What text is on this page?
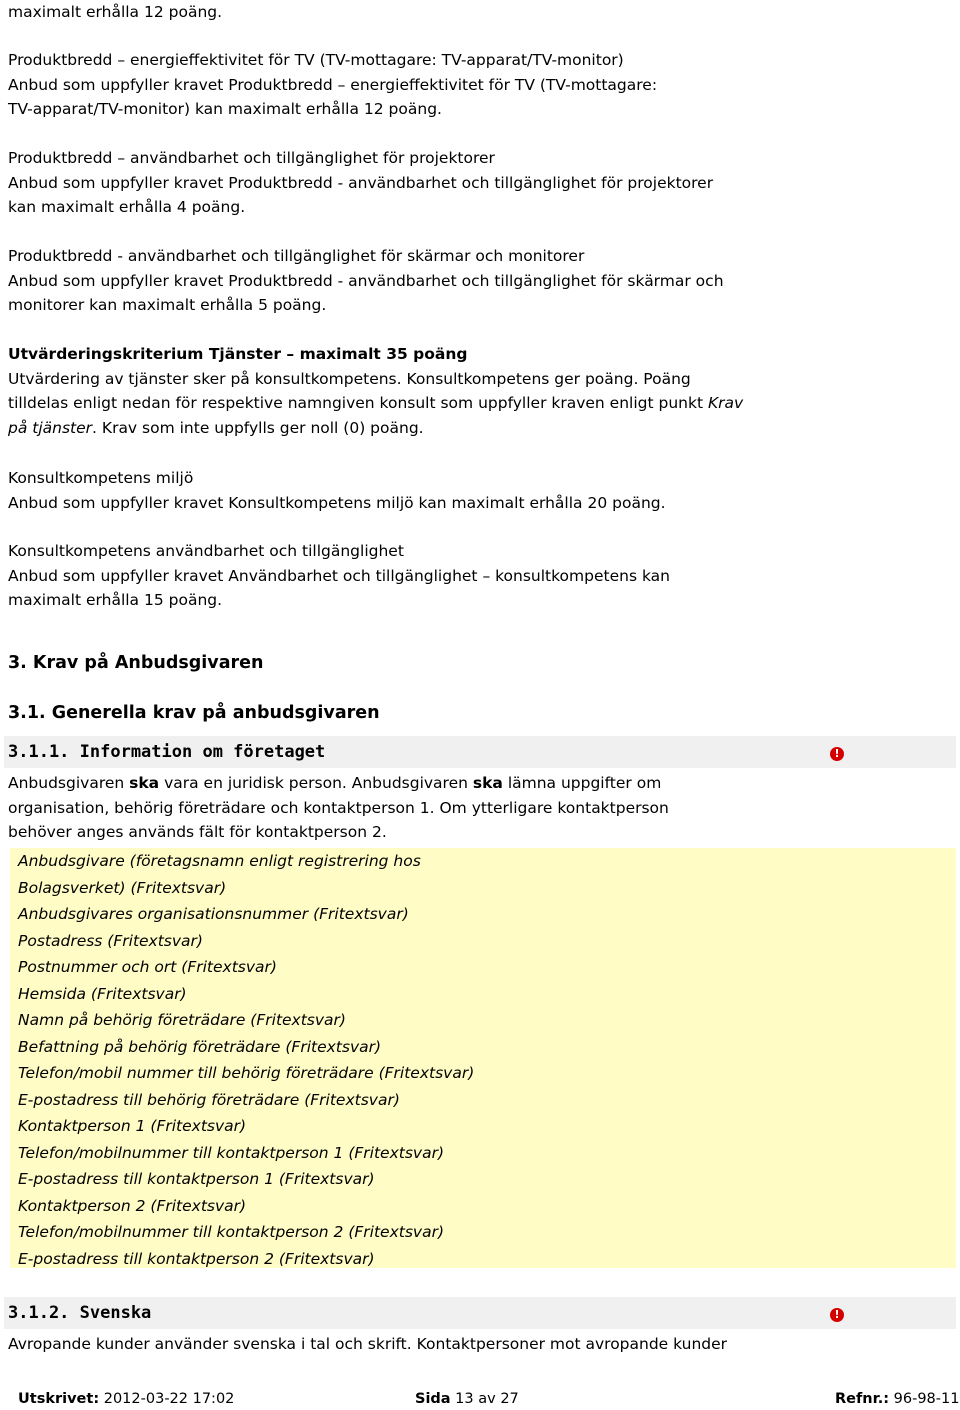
maximalt erhålla 12 poäng.

Produktbredd – energieffektivitet för TV (TV-mottagare: TV-apparat/TV-monitor)

Anbud som uppfyller kravet Produktbredd – energieffektivitet för TV (TV-mottagare:

TV-apparat/TV-monitor) kan maximalt erhålla 12 poäng.

Produktbredd – användbarhet och tillgänglighet för projektorer

Anbud som uppfyller kravet Produktbredd - användbarhet och tillgänglighet för projektorer

kan maximalt erhålla 4 poäng.

Produktbredd - användbarhet och tillgänglighet för skärmar och monitorer

Anbud som uppfyller kravet Produktbredd - användbarhet och tillgänglighet för skärmar och

monitorer kan maximalt erhålla 5 poäng.

Utvärderingskriterium Tjänster – maximalt 35 poäng

Utvärdering av tjänster sker på konsultkompetens. Konsultkompetens ger poäng. Poäng

tilldelas enligt nedan för respektive namngiven konsult som uppfyller kraven enligt punkt Krav

på tjänster. Krav som inte uppfylls ger noll (0) poäng.

Konsultkompetens miljö

Anbud som uppfyller kravet Konsultkompetens miljö kan maximalt erhålla 20 poäng.

Konsultkompetens användbarhet och tillgänglighet

Anbud som uppfyller kravet Användbarhet och tillgänglighet – konsultkompetens kan

maximalt erhålla 15 poäng.

3. Krav på Anbudsgivaren

3.1. Generella krav på anbudsgivaren

3.1.1. Information om företaget	!

Anbudsgivaren ska vara en juridisk person. Anbudsgivaren ska lämna uppgifter om

organisation, behörig företrädare och kontaktperson 1. Om ytterligare kontaktperson

behöver anges används fält för kontaktperson 2.

Anbudsgivare (företagsnamn enligt registrering hos

Bolagsverket) (Fritextsvar)

Anbudsgivares organisationsnummer (Fritextsvar)

Postadress (Fritextsvar)

Postnummer och ort (Fritextsvar)

Hemsida (Fritextsvar)

Namn på behörig företrädare (Fritextsvar)

Befattning på behörig företrädare (Fritextsvar)

Telefon/mobil nummer till behörig företrädare (Fritextsvar)

E-postadress till behörig företrädare (Fritextsvar)

Kontaktperson 1 (Fritextsvar)

Telefon/mobilnummer till kontaktperson 1 (Fritextsvar)

E-postadress till kontaktperson 1 (Fritextsvar)

Kontaktperson 2 (Fritextsvar)

Telefon/mobilnummer till kontaktperson 2 (Fritextsvar)

E-postadress till kontaktperson 2 (Fritextsvar)

3.1.2. Svenska	!

Avropande kunder använder svenska i tal och skrift. Kontaktpersoner mot avropande kunder

Utskrivet: 2012-03-22 17:02	Sida 13 av 27	Refnr.: 96-98-11
